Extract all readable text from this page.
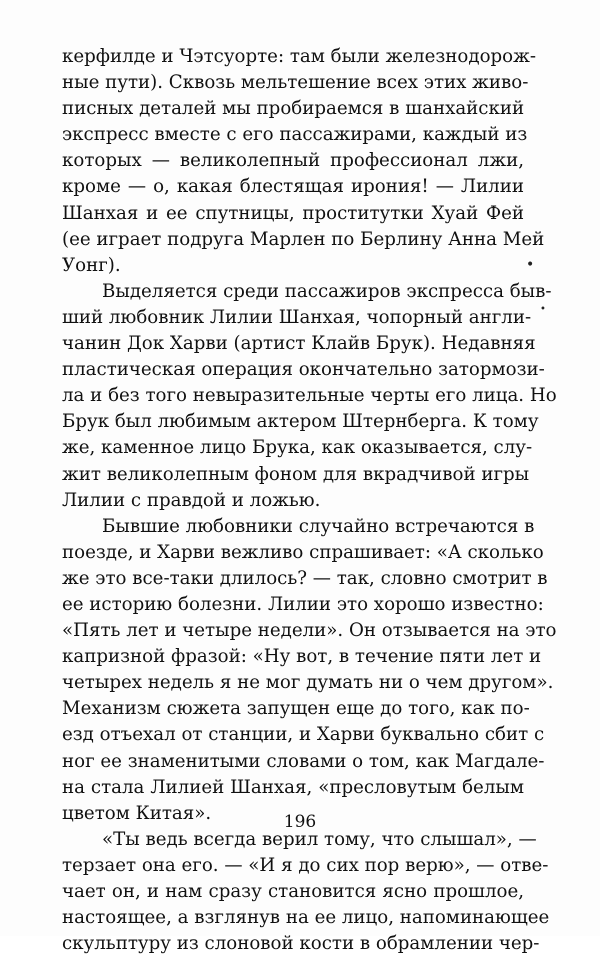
керфилде и Чэтсуорте: там были железнодорож-
ные пути). Сквозь мельтешение всех этих живо-
писных деталей мы пробираемся в шанхайский
экспресс вместе с его пассажирами, каждый из
которых — великолепный профессионал лжи,
кроме — о, какая блестящая ирония! — Лилии
Шанхая и ее спутницы, проститутки Хуай Фей
(ее играет подруга Марлен по Берлину Анна Мей
Уонг).
Выделяется среди пассажиров экспресса быв-
ший любовник Лилии Шанхая, чопорный англи-
чанин Док Харви (артист Клайв Брук). Недавняя
пластическая операция окончательно затормози-
ла и без того невыразительные черты его лица. Но
Брук был любимым актером Штернберга. К тому
же, каменное лицо Брука, как оказывается, слу-
жит великолепным фоном для вкрадчивой игры
Лилии с правдой и ложью.
Бывшие любовники случайно встречаются в
поезде, и Харви вежливо спрашивает: «А сколько
же это все-таки длилось? — так, словно смотрит в
ее историю болезни. Лилии это хорошо известно:
«Пять лет и четыре недели». Он отзывается на это
капризной фразой: «Ну вот, в течение пяти лет и
четырех недель я не мог думать ни о чем другом».
Механизм сюжета запущен еще до того, как по-
езд отъехал от станции, и Харви буквально сбит с
ног ее знаменитыми словами о том, как Магдале-
на стала Лилией Шанхая, «пресловутым белым
цветом Китая».
«Ты ведь всегда верил тому, что слышал», —
терзает она его. — «И я до сих пор верю», — отве-
чает он, и нам сразу становится ясно прошлое,
настоящее, а взглянув на ее лицо, напоминающее
скульптуру из слоновой кости в обрамлении чер-
•
•
196
